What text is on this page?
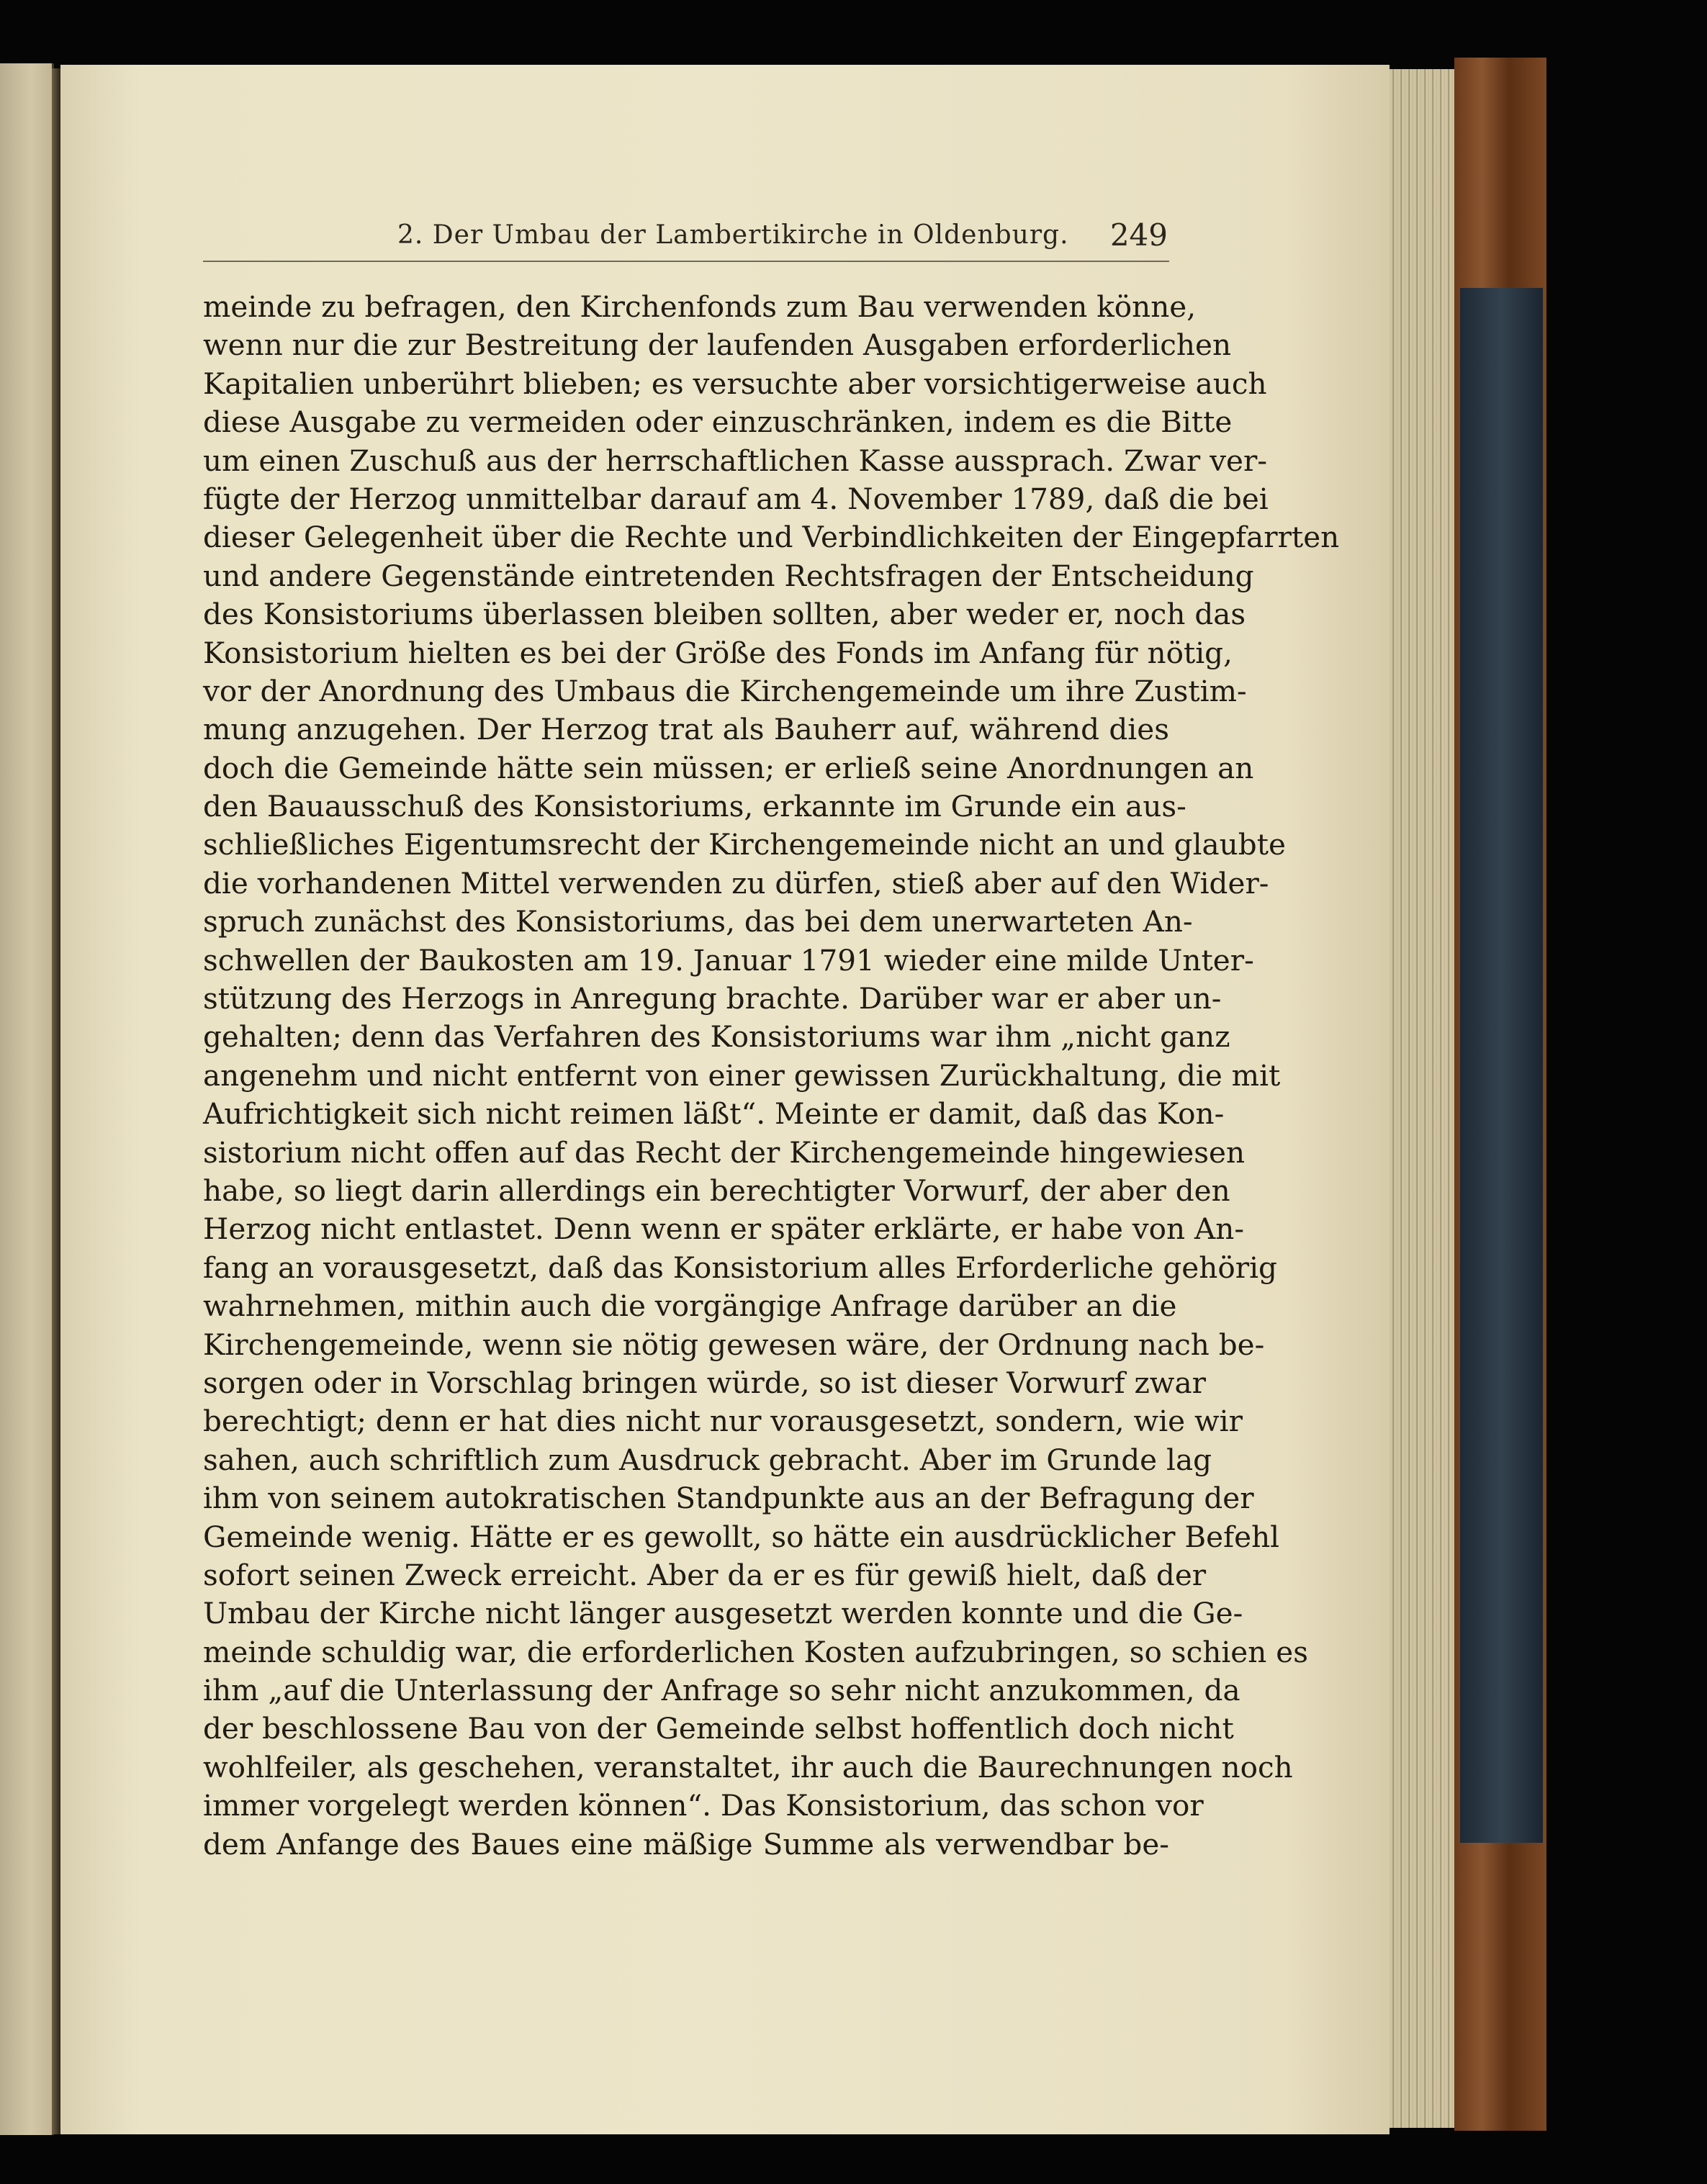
2. Der Umbau der Lambertikirche in Oldenburg. 249
meinde zu befragen, den Kirchenfonds zum Bau verwenden könne,
wenn nur die zur Bestreitung der laufenden Ausgaben erforderlichen
Kapitalien unberührt blieben; es versuchte aber vorsichtigerweise auch
diese Ausgabe zu vermeiden oder einzuschränken, indem es die Bitte
um einen Zuschuß aus der herrschaftlichen Kasse aussprach. Zwar ver-
fügte der Herzog unmittelbar darauf am 4. November 1789, daß die bei
dieser Gelegenheit über die Rechte und Verbindlichkeiten der Eingepfarrten
und andere Gegenstände eintretenden Rechtsfragen der Entscheidung
des Konsistoriums überlassen bleiben sollten, aber weder er, noch das
Konsistorium hielten es bei der Größe des Fonds im Anfang für nötig,
vor der Anordnung des Umbaus die Kirchengemeinde um ihre Zustim-
mung anzugehen. Der Herzog trat als Bauherr auf, während dies
doch die Gemeinde hätte sein müssen; er erließ seine Anordnungen an
den Bauausschuß des Konsistoriums, erkannte im Grunde ein aus-
schließliches Eigentumsrecht der Kirchengemeinde nicht an und glaubte
die vorhandenen Mittel verwenden zu dürfen, stieß aber auf den Wider-
spruch zunächst des Konsistoriums, das bei dem unerwarteten An-
schwellen der Baukosten am 19. Januar 1791 wieder eine milde Unter-
stützung des Herzogs in Anregung brachte. Darüber war er aber un-
gehalten; denn das Verfahren des Konsistoriums war ihm „nicht ganz
angenehm und nicht entfernt von einer gewissen Zurückhaltung, die mit
Aufrichtigkeit sich nicht reimen läßt“. Meinte er damit, daß das Kon-
sistorium nicht offen auf das Recht der Kirchengemeinde hingewiesen
habe, so liegt darin allerdings ein berechtigter Vorwurf, der aber den
Herzog nicht entlastet. Denn wenn er später erklärte, er habe von An-
fang an vorausgesetzt, daß das Konsistorium alles Erforderliche gehörig
wahrnehmen, mithin auch die vorgängige Anfrage darüber an die
Kirchengemeinde, wenn sie nötig gewesen wäre, der Ordnung nach be-
sorgen oder in Vorschlag bringen würde, so ist dieser Vorwurf zwar
berechtigt; denn er hat dies nicht nur vorausgesetzt, sondern, wie wir
sahen, auch schriftlich zum Ausdruck gebracht. Aber im Grunde lag
ihm von seinem autokratischen Standpunkte aus an der Befragung der
Gemeinde wenig. Hätte er es gewollt, so hätte ein ausdrücklicher Befehl
sofort seinen Zweck erreicht. Aber da er es für gewiß hielt, daß der
Umbau der Kirche nicht länger ausgesetzt werden konnte und die Ge-
meinde schuldig war, die erforderlichen Kosten aufzubringen, so schien es
ihm „auf die Unterlassung der Anfrage so sehr nicht anzukommen, da
der beschlossene Bau von der Gemeinde selbst hoffentlich doch nicht
wohlfeiler, als geschehen, veranstaltet, ihr auch die Baurechnungen noch
immer vorgelegt werden können“. Das Konsistorium, das schon vor
dem Anfange des Baues eine mäßige Summe als verwendbar be-
